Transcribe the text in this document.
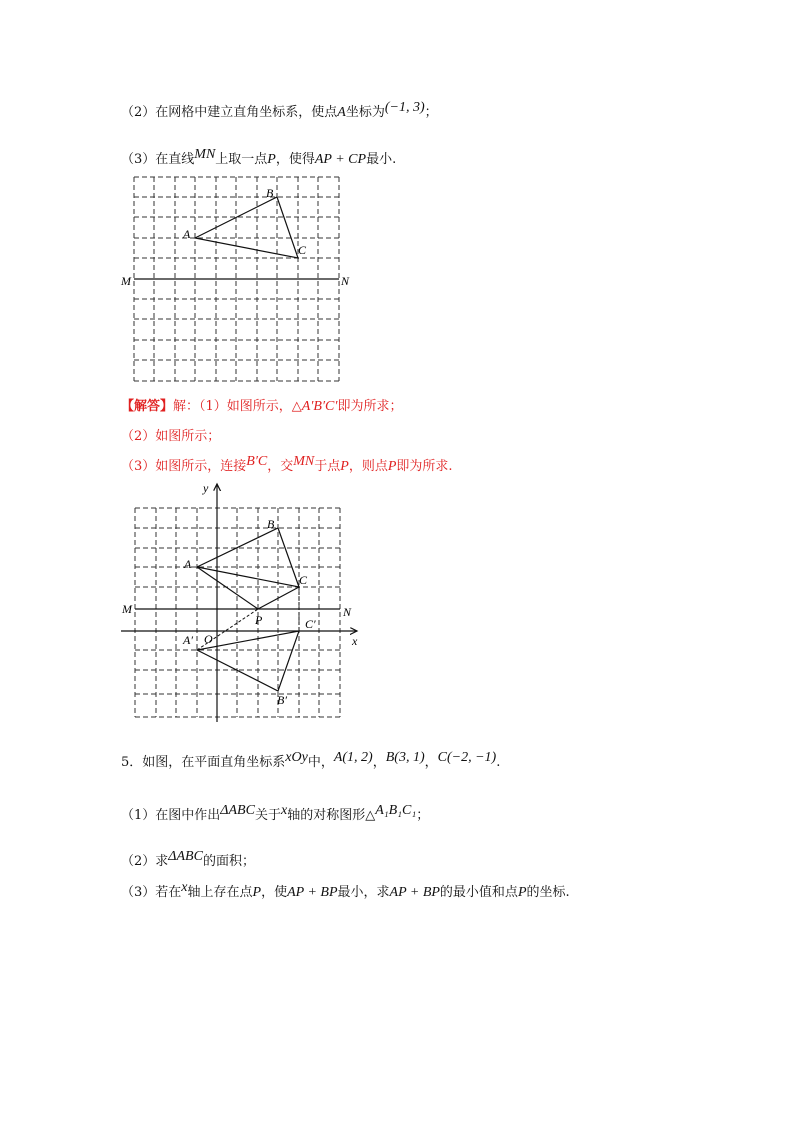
（2）在网格中建立直角坐标系，使点A坐标为(−1, 3)；
（3）在直线MN上取一点P，使得AP + CP最小.
A
B
C
M	N
【解答】解：（1）如图所示，△A′B′C′即为所求；
（2）如图所示；
（3）如图所示，连接B′C，交MN于点P，则点P即为所求.
y
x
A
B
C
M	N
P
O
A′
B′
C′
5．如图，在平面直角坐标系xOy中，A(1, 2)，B(3, 1)，C(−2, −1).
（1）在图中作出ΔABC关于x轴的对称图形△A₁B₁C₁；
（2）求ΔABC的面积；
（3）若在x轴上存在点P，使AP + BP最小，求AP + BP的最小值和点P的坐标.
